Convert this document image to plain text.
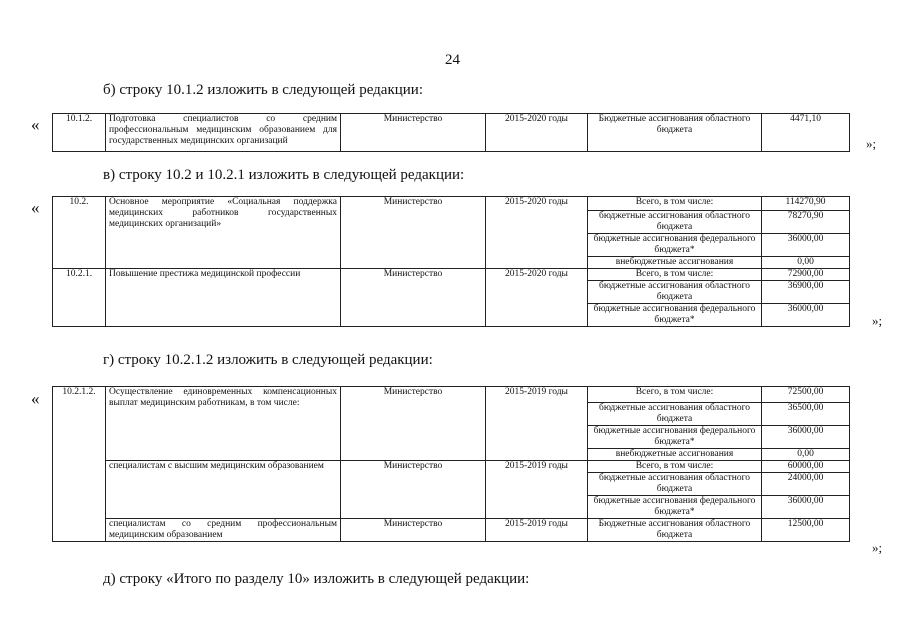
24
б) строку 10.1.2 изложить в следующей редакции:
«	10.1.2.	Подготовка специалистов со средним профессиональным медицинским образованием для государственных медицинских организаций	Министерство	2015-2020 годы	Бюджетные ассигнования областного бюджета	4471,10
»;
в) строку 10.2 и 10.2.1 изложить в следующей редакции:
«	10.2.	Основное мероприятие «Социальная поддержка медицинских работников государственных медицинских организаций»	Министерство	2015-2020 годы	Всего, в том числе:	114270,90
				бюджетные ассигнования областного бюджета	78270,90
				бюджетные ассигнования федерального бюджета*	36000,00
				внебюджетные ассигнования	0,00
10.2.1.	Повышение престижа медицинской профессии	Министерство	2015-2020 годы	Всего, в том числе:	72900,00
				бюджетные ассигнования областного бюджета	36900,00
				бюджетные ассигнования федерального бюджета*	36000,00
»;
г) строку 10.2.1.2 изложить в следующей редакции:
« 10.2.1.2.	Осуществление единовременных компенсационных выплат медицинским работникам, в том числе:	Министерство	2015-2019 годы	Всего, в том числе:	72500,00
				бюджетные ассигнования областного бюджета	36500,00
				бюджетные ассигнования федерального бюджета*	36000,00
				внебюджетные ассигнования	0,00
	специалистам с высшим медицинским образованием	Министерство	2015-2019 годы	Всего, в том числе:	60000,00
				бюджетные ассигнования областного бюджета	24000,00
				бюджетные ассигнования федерального бюджета*	36000,00
	специалистам со средним профессиональным медицинским образованием	Министерство	2015-2019 годы	Бюджетные ассигнования областного бюджета	12500,00
»;
д) строку «Итого по разделу 10» изложить в следующей редакции:
